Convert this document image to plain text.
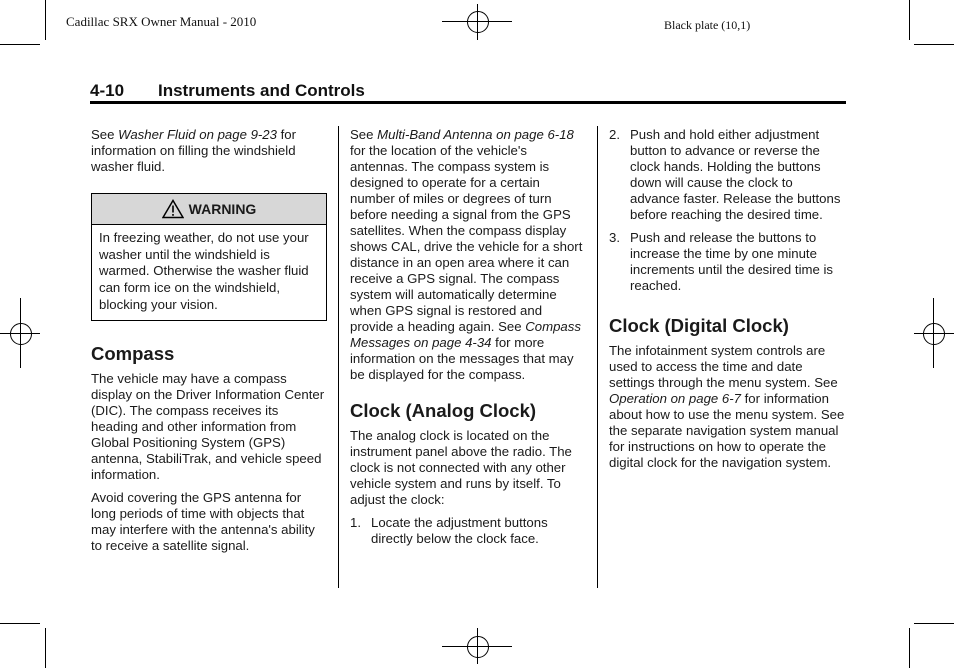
Cadillac SRX Owner Manual - 2010	Black plate (10,1)
4-10 Instruments and Controls

See Washer Fluid on page 9-23 for information on filling the windshield washer fluid.

WARNING
In freezing weather, do not use your washer until the windshield is warmed. Otherwise the washer fluid can form ice on the windshield, blocking your vision.
Compass

The vehicle may have a compass display on the Driver Information Center (DIC). The compass receives its heading and other information from Global Positioning System (GPS) antenna, StabiliTrak, and vehicle speed information.

Avoid covering the GPS antenna for long periods of time with objects that may interfere with the antenna's ability to receive a satellite signal.

See Multi-Band Antenna on page 6-18 for the location of the vehicle's antennas. The compass system is designed to operate for a certain number of miles or degrees of turn before needing a signal from the GPS satellites. When the compass display shows CAL, drive the vehicle for a short distance in an open area where it can receive a GPS signal. The compass system will automatically determine when GPS signal is restored and provide a heading again. See Compass Messages on page 4-34 for more information on the messages that may be displayed for the compass.

Clock (Analog Clock)

The analog clock is located on the instrument panel above the radio. The clock is not connected with any other vehicle system and runs by itself. To adjust the clock:

1. Locate the adjustment buttons directly below the clock face.
2. Push and hold either adjustment button to advance or reverse the clock hands. Holding the buttons down will cause the clock to advance faster. Release the buttons before reaching the desired time.
3. Push and release the buttons to increase the time by one minute increments until the desired time is reached.
Clock (Digital Clock)

The infotainment system controls are used to access the time and date settings through the menu system. See Operation on page 6-7 for information about how to use the menu system. See the separate navigation system manual for instructions on how to operate the digital clock for the navigation system.
